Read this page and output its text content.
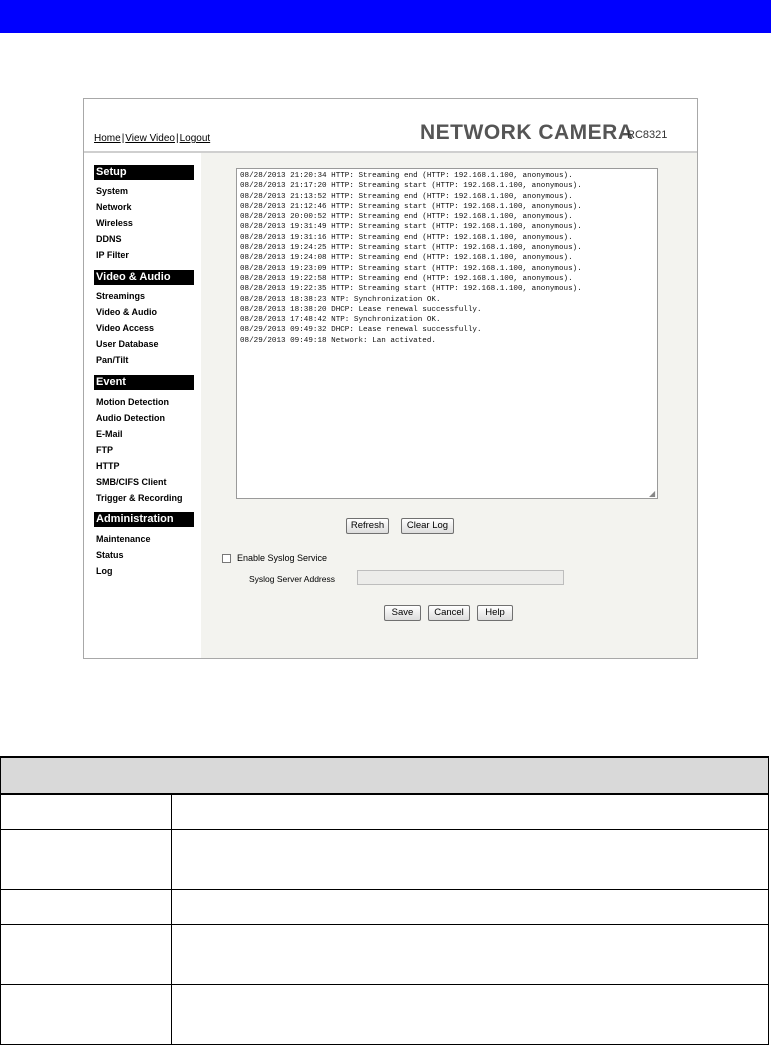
Home|View Video|Logout	NETWORK CAMERA
RC8321
Setup
System
Network
Wireless
DDNS
IP Filter
Video & Audio
Streamings
Video & Audio
Video Access
User Database
Pan/Tilt
Event
Motion Detection
Audio Detection
E-Mail
FTP
HTTP
SMB/CIFS Client
Trigger & Recording
Administration
Maintenance
Status
Log
08/28/2013 21:20:34 HTTP: Streaming end (HTTP: 192.168.1.100, anonymous).
08/28/2013 21:17:20 HTTP: Streaming start (HTTP: 192.168.1.100, anonymous).
08/28/2013 21:13:52 HTTP: Streaming end (HTTP: 192.168.1.100, anonymous).
08/28/2013 21:12:46 HTTP: Streaming start (HTTP: 192.168.1.100, anonymous).
08/28/2013 20:00:52 HTTP: Streaming end (HTTP: 192.168.1.100, anonymous).
08/28/2013 19:31:49 HTTP: Streaming start (HTTP: 192.168.1.100, anonymous).
08/28/2013 19:31:16 HTTP: Streaming end (HTTP: 192.168.1.100, anonymous).
08/28/2013 19:24:25 HTTP: Streaming start (HTTP: 192.168.1.100, anonymous).
08/28/2013 19:24:08 HTTP: Streaming end (HTTP: 192.168.1.100, anonymous).
08/28/2013 19:23:09 HTTP: Streaming start (HTTP: 192.168.1.100, anonymous).
08/28/2013 19:22:58 HTTP: Streaming end (HTTP: 192.168.1.100, anonymous).
08/28/2013 19:22:35 HTTP: Streaming start (HTTP: 192.168.1.100, anonymous).
08/28/2013 18:38:23 NTP: Synchronization OK.
08/28/2013 18:38:20 DHCP: Lease renewal successfully.
08/28/2013 17:48:42 NTP: Synchronization OK.
08/29/2013 09:49:32 DHCP: Lease renewal successfully.
08/29/2013 09:49:18 Network: Lan activated.
◢
Refresh	Clear Log
Enable Syslog Service
Syslog Server Address
Save	Cancel	Help
